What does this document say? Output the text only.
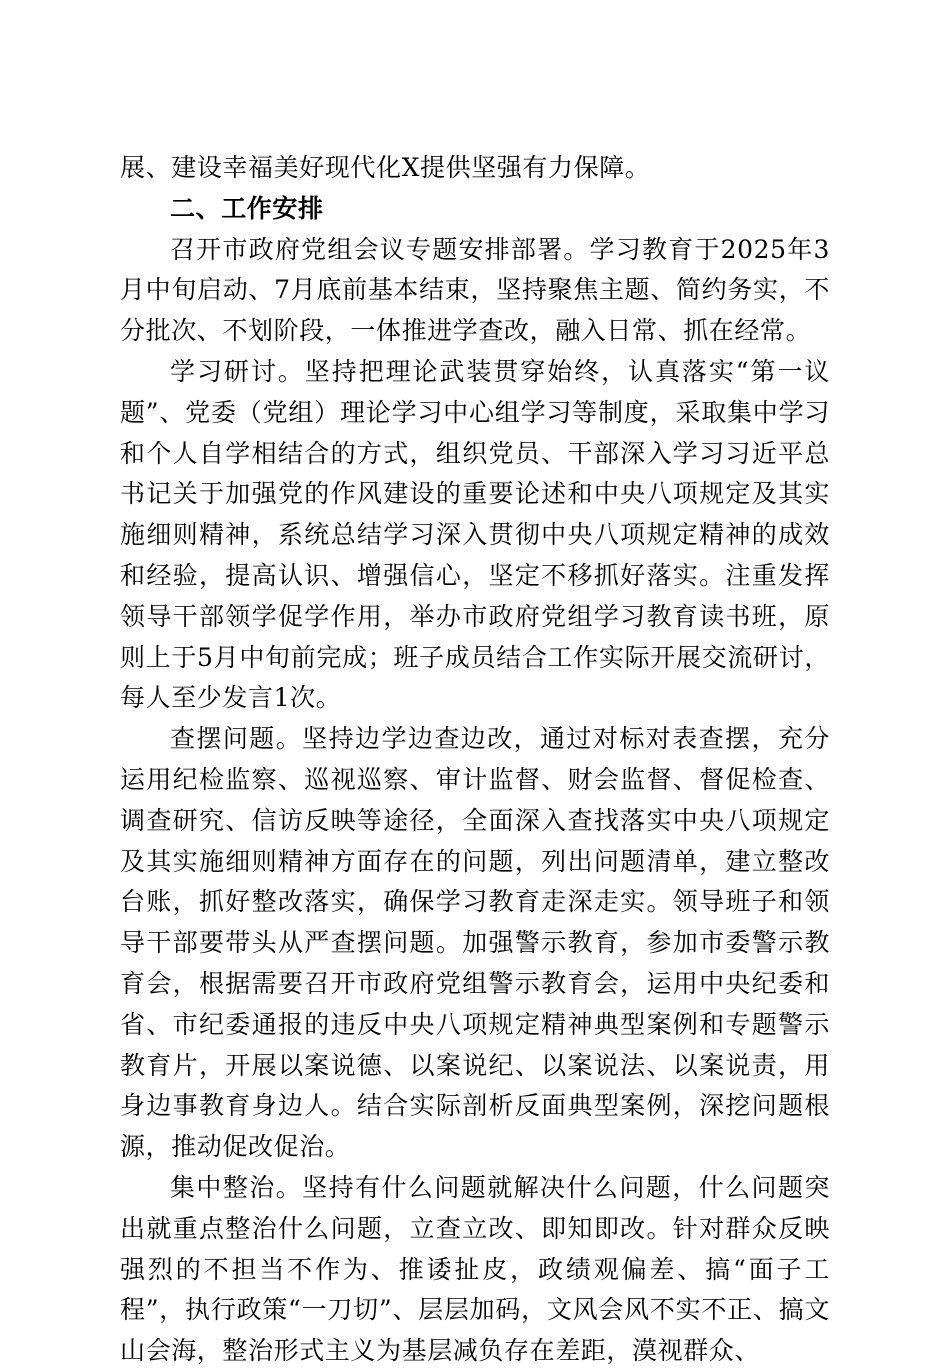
展、建设幸福美好现代化X提供坚强有力保障。

二、工作安排

召开市政府党组会议专题安排部署。学习教育于2025年3月中旬启动、7月底前基本结束，坚持聚焦主题、简约务实，不分批次、不划阶段，一体推进学查改，融入日常、抓在经常。

学习研讨。坚持把理论武装贯穿始终，认真落实“第一议题”、党委（党组）理论学习中心组学习等制度，采取集中学习和个人自学相结合的方式，组织党员、干部深入学习习近平总书记关于加强党的作风建设的重要论述和中央八项规定及其实施细则精神，系统总结学习深入贯彻中央八项规定精神的成效和经验，提高认识、增强信心，坚定不移抓好落实。注重发挥领导干部领学促学作用，举办市政府党组学习教育读书班，原则上于5月中旬前完成；班子成员结合工作实际开展交流研讨，每人至少发言1次。

查摆问题。坚持边学边查边改，通过对标对表查摆，充分运用纪检监察、巡视巡察、审计监督、财会监督、督促检查、调查研究、信访反映等途径，全面深入查找落实中央八项规定及其实施细则精神方面存在的问题，列出问题清单，建立整改台账，抓好整改落实，确保学习教育走深走实。领导班子和领导干部要带头从严查摆问题。加强警示教育，参加市委警示教育会，根据需要召开市政府党组警示教育会，运用中央纪委和省、市纪委通报的违反中央八项规定精神典型案例和专题警示教育片，开展以案说德、以案说纪、以案说法、以案说责，用身边事教育身边人。结合实际剖析反面典型案例，深挖问题根源，推动促改促治。

集中整治。坚持有什么问题就解决什么问题，什么问题突出就重点整治什么问题，立查立改、即知即改。针对群众反映强烈的不担当不作为、推诿扯皮，政绩观偏差、搞“面子工程”，执行政策“一刀切”、层层加码，文风会风不实不正、搞文山会海，整治形式主义为基层减负存在差距，漠视群众、
